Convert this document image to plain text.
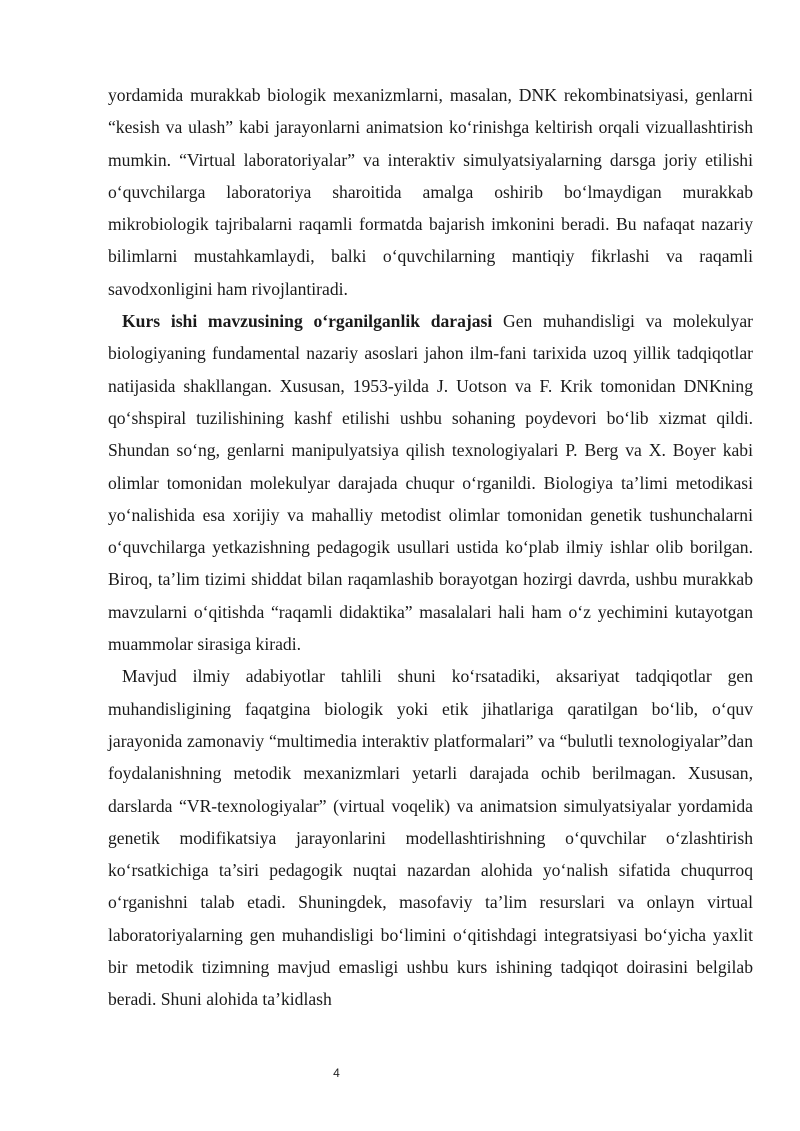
yordamida murakkab biologik mexanizmlarni, masalan, DNK rekombinatsiyasi, genlarni “kesish va ulash” kabi jarayonlarni animatsion ko‘rinishga keltirish orqali vizuallashtirish mumkin. “Virtual laboratoriyalar” va interaktiv simulyatsiyalarning darsga joriy etilishi o‘quvchilarga laboratoriya sharoitida amalga oshirib bo‘lmaydigan murakkab mikrobiologik tajribalarni raqamli formatda bajarish imkonini beradi. Bu nafaqat nazariy bilimlarni mustahkamlaydi, balki o‘quvchilarning mantiqiy fikrlashi va raqamli savodxonligini ham rivojlantiradi.

Kurs ishi mavzusining o‘rganilganlik darajasi Gen muhandisligi va molekulyar biologiyaning fundamental nazariy asoslari jahon ilm-fani tarixida uzoq yillik tadqiqotlar natijasida shakllangan. Xususan, 1953-yilda J. Uotson va F. Krik tomonidan DNKning qo‘shspiral tuzilishining kashf etilishi ushbu sohaning poydevori bo‘lib xizmat qildi. Shundan so‘ng, genlarni manipulyatsiya qilish texnologiyalari P. Berg va X. Boyer kabi olimlar tomonidan molekulyar darajada chuqur o‘rganildi. Biologiya ta’limi metodikasi yo‘nalishida esa xorijiy va mahalliy metodist olimlar tomonidan genetik tushunchalarni o‘quvchilarga yetkazishning pedagogik usullari ustida ko‘plab ilmiy ishlar olib borilgan. Biroq, ta’lim tizimi shiddat bilan raqamlashib borayotgan hozirgi davrda, ushbu murakkab mavzularni o‘qitishda “raqamli didaktika” masalalari hali ham o‘z yechimini kutayotgan muammolar sirasiga kiradi.

Mavjud ilmiy adabiyotlar tahlili shuni ko‘rsatadiki, aksariyat tadqiqotlar gen muhandisligining faqatgina biologik yoki etik jihatlariga qaratilgan bo‘lib, o‘quv jarayonida zamonaviy “multimedia interaktiv platformalari” va “bulutli texnologiyalar”dan foydalanishning metodik mexanizmlari yetarli darajada ochib berilmagan. Xususan, darslarda “VR-texnologiyalar” (virtual voqelik) va animatsion simulyatsiyalar yordamida genetik modifikatsiya jarayonlarini modellashtirishning o‘quvchilar o‘zlashtirish ko‘rsatkichiga ta’siri pedagogik nuqtai nazardan alohida yo‘nalish sifatida chuqurroq o‘rganishni talab etadi. Shuningdek, masofaviy ta’lim resurslari va onlayn virtual laboratoriyalarning gen muhandisligi bo‘limini o‘qitishdagi integratsiyasi bo‘yicha yaxlit bir metodik tizimning mavjud emasligi ushbu kurs ishining tadqiqot doirasini belgilab beradi. Shuni alohida ta’kidlash

4
